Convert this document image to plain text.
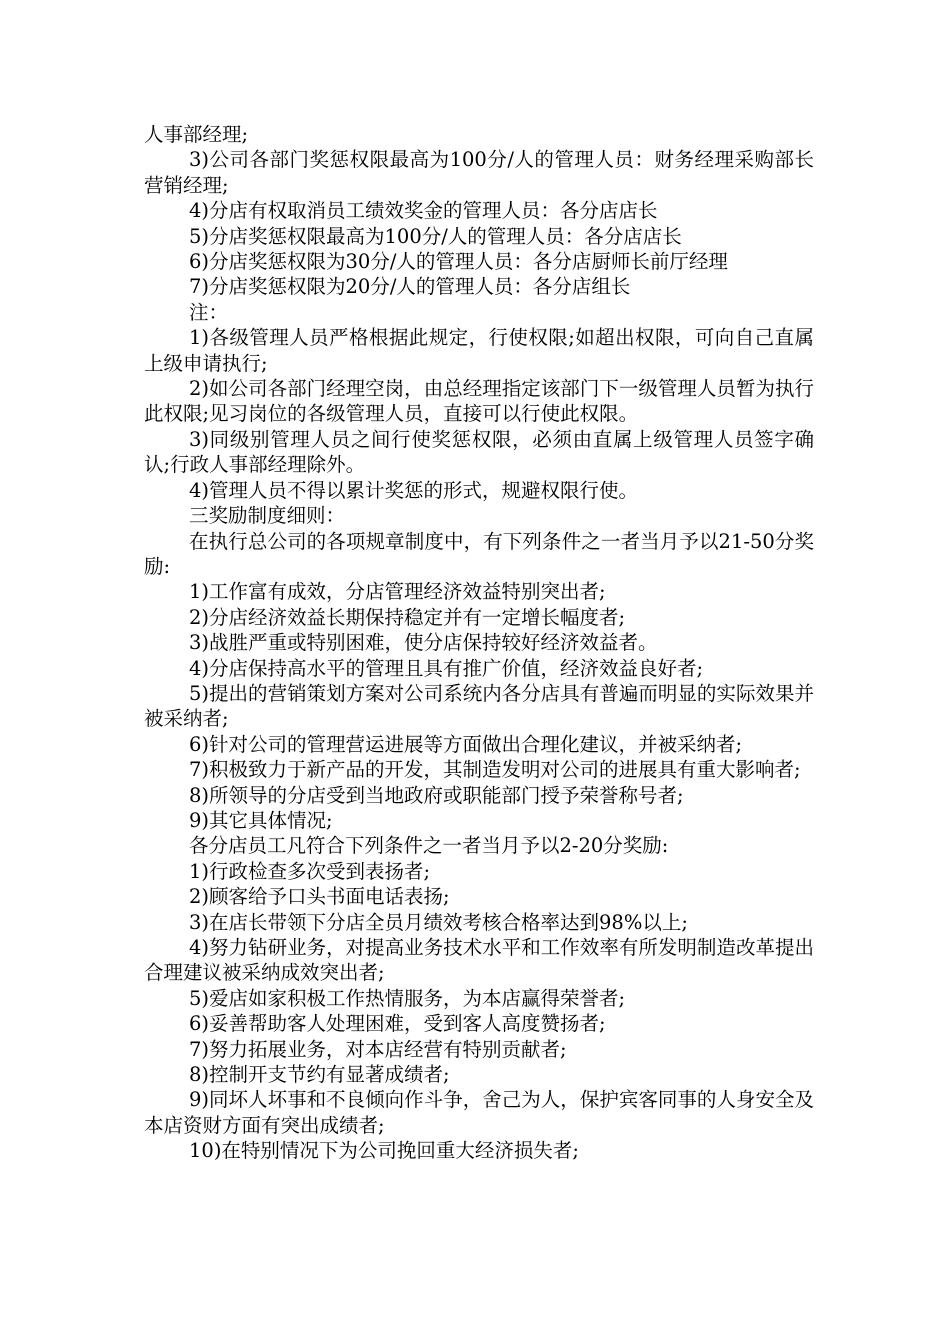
人事部经理;

3)公司各部门奖惩权限最高为100分/人的管理人员：财务经理采购部长营销经理;

4)分店有权取消员工绩效奖金的管理人员：各分店店长

5)分店奖惩权限最高为100分/人的管理人员：各分店店长

6)分店奖惩权限为30分/人的管理人员：各分店厨师长前厅经理

7)分店奖惩权限为20分/人的管理人员：各分店组长

注：

1)各级管理人员严格根据此规定，行使权限;如超出权限，可向自己直属上级申请执行;

2)如公司各部门经理空岗，由总经理指定该部门下一级管理人员暂为执行此权限;见习岗位的各级管理人员，直接可以行使此权限。

3)同级别管理人员之间行使奖惩权限，必须由直属上级管理人员签字确认;行政人事部经理除外。

4)管理人员不得以累计奖惩的形式，规避权限行使。

三奖励制度细则：

在执行总公司的各项规章制度中，有下列条件之一者当月予以21-50分奖励:

1)工作富有成效，分店管理经济效益特别突出者;

2)分店经济效益长期保持稳定并有一定增长幅度者;

3)战胜严重或特别困难，使分店保持较好经济效益者。

4)分店保持高水平的管理且具有推广价值，经济效益良好者;

5)提出的营销策划方案对公司系统内各分店具有普遍而明显的实际效果并被采纳者;

6)针对公司的管理营运进展等方面做出合理化建议，并被采纳者;

7)积极致力于新产品的开发，其制造发明对公司的进展具有重大影响者;

8)所领导的分店受到当地政府或职能部门授予荣誉称号者;

9)其它具体情况;

各分店员工凡符合下列条件之一者当月予以2-20分奖励:

1)行政检查多次受到表扬者;

2)顾客给予口头书面电话表扬;

3)在店长带领下分店全员月绩效考核合格率达到98%以上;

4)努力钻研业务，对提高业务技术水平和工作效率有所发明制造改革提出合理建议被采纳成效突出者;

5)爱店如家积极工作热情服务，为本店赢得荣誉者;

6)妥善帮助客人处理困难，受到客人高度赞扬者;

7)努力拓展业务，对本店经营有特别贡献者;

8)控制开支节约有显著成绩者;

9)同坏人坏事和不良倾向作斗争，舍己为人，保护宾客同事的人身安全及本店资财方面有突出成绩者;

10)在特别情况下为公司挽回重大经济损失者;
